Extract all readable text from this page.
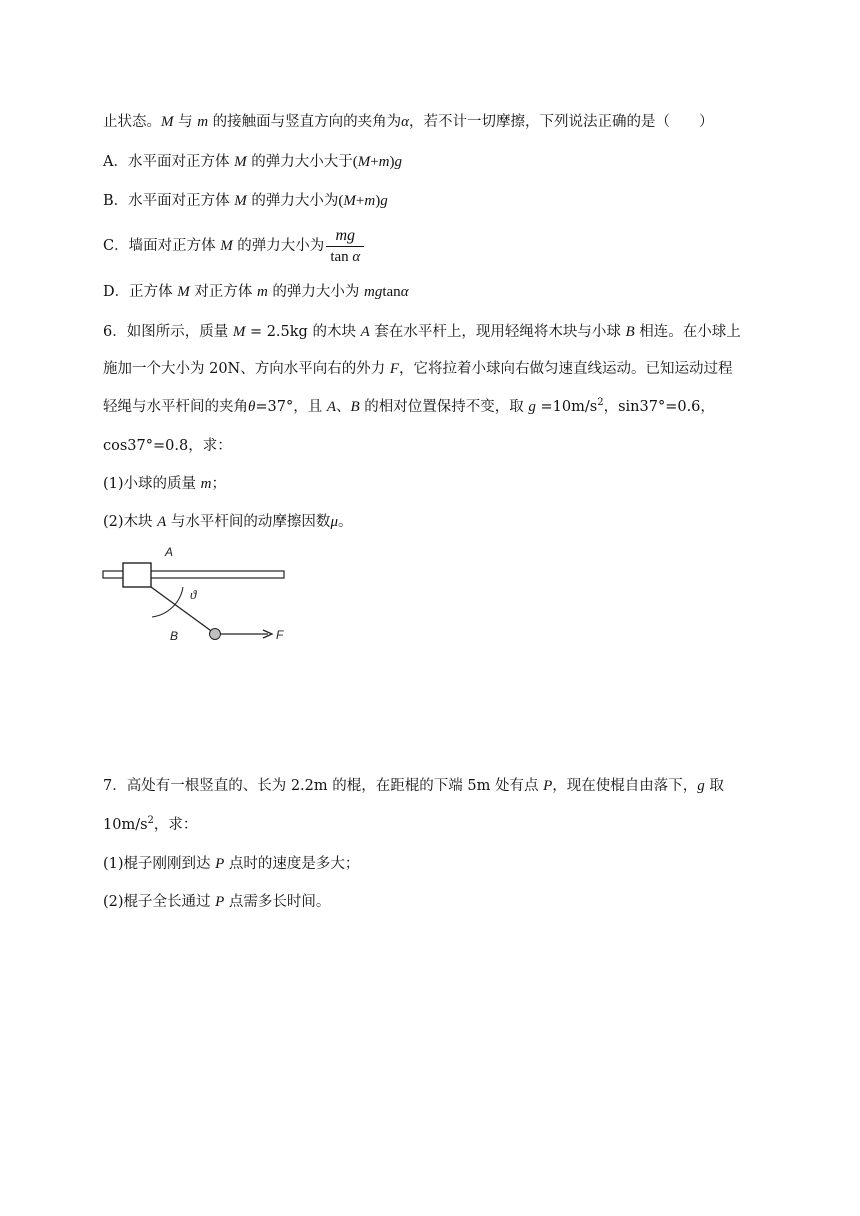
止状态。M 与 m 的接触面与竖直方向的夹角为α，若不计一切摩擦，下列说法正确的是（　　）
A．水平面对正方体 M 的弹力大小大于(M+m)g
B．水平面对正方体 M 的弹力大小为(M+m)g
C．墙面对正方体 M 的弹力大小为 $\frac{mg}{\text{tan α}}$
D．正方体 M 对正方体 m 的弹力大小为 mgtanα
6．如图所示，质量 M = 2.5kg 的木块 A 套在水平杆上，现用轻绳将木块与小球 B 相连。在小球上
施加一个大小为 20N、方向水平向右的外力 F，它将拉着小球向右做匀速直线运动。已知运动过程
轻绳与水平杆间的夹角θ=37°，且 A、B 的相对位置保持不变，取 $g =10m/s^2$，sin37°=0.6，
cos37°=0.8，求：
(1)小球的质量 m；
(2)木块 A 与水平杆间的动摩擦因数μ。
A
ϑ
B	F
7．高处有一根竖直的、长为 2.2m 的棍，在距棍的下端 5m 处有点 P，现在使棍自由落下，g 取
$10m/s^2$，求：
(1)棍子刚刚到达 P 点时的速度是多大；
(2)棍子全长通过 P 点需多长时间。
